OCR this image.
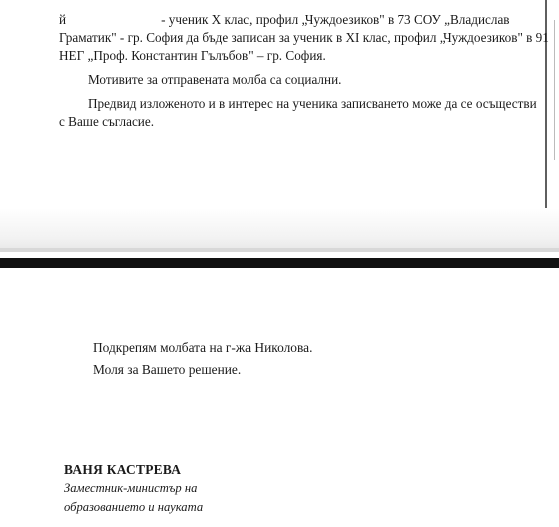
й	- ученик Х клас, профил „Чуждоезиков" в 73 СОУ „Владислав
Граматик" - гр. София да бъде записан за ученик в ХI клас, профил „Чуждоезиков" в 91
НЕГ „Проф. Константин Гълъбов" – гр. София.
Мотивите за отправената молба са социални.
Предвид изложеното и в интерес на ученика записването може да се осъществи
с Ваше съгласие.
Подкрепям молбата на г-жа Николова.
Моля за Вашето решение.
ВАНЯ КАСТРЕВА
Заместник-министър на
образованието и науката
